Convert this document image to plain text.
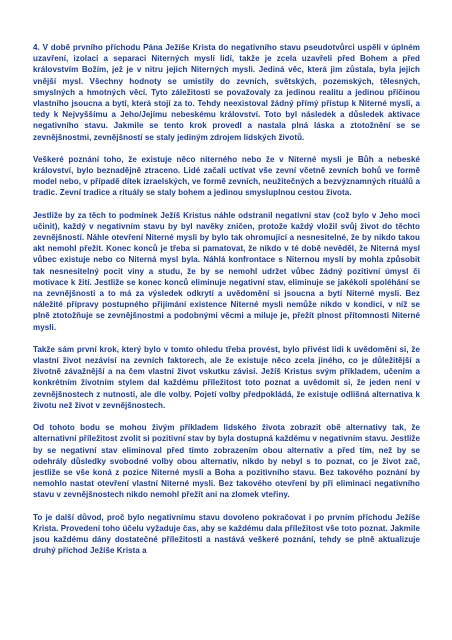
4. V době prvního příchodu Pána Ježíše Krista do negativního stavu pseudotvůrci uspěli v úplném uzavření, izolaci a separaci Niterných myslí lidí, takže je zcela uzavřeli před Bohem a před královstvím Božím, jež je v nitru jejich Niterných mysli. Jediná věc, která jim zůstala, byla jejich vnější mysl. Všechny hodnoty se umístily do zevních, světských, pozemských, tělesných, smyslných a hmotných věcí. Tyto záležitosti se považovaly za jedinou realitu a jedinou příčinou vlastního jsoucna a bytí, která stojí za to. Tehdy neexistoval žádný přímý přístup k Niterné mysli, a tedy k Nejvyššímu a Jeho/Jejímu nebeskému království. Toto byl následek a důsledek aktivace negativního stavu. Jakmile se tento krok provedl a nastala plná láska a ztotožnění se se zevnějšnostmi, zevnějšností se staly jediným zdrojem lidských životů.

Veškeré poznání toho, že existuje něco niterného nebo že v Niterné mysli je Bůh a nebeské království, bylo beznadějně ztraceno. Lidé začali uctívat vše zevní včetně zevních bohů ve formě model nebo, v případě dítek izraelských, ve formě zevních, neužitečných a bezvýznamných rituálů a tradic. Zevní tradice a rituály se staly bohem a jedinou smysluplnou cestou života.

Jestliže by za těch to podmínek Ježíš Kristus náhle odstranil negativní stav (což bylo v Jeho moci učinit), každý v negativním stavu by byl navěky zničen, protože každý vložil svůj život do těchto zevnějšností. Náhle otevření Niterné mysli by bylo tak ohromující a nesnesitelné, že by nikdo takou akt nemohl přežít. Konec konců je třeba si pamatovat, že nikdo v té době nevěděl, že Niterná mysl vůbec existuje nebo co Niterná mysl byla. Náhlá konfrontace s Niternou myslí by mohla způsobit tak nesnesitelný pocit viny a studu, že by se nemohl udržet vůbec žádný pozitivní úmysl či motivace k žití. Jestliže se konec konců eliminuje negativní stav, eliminuje se jakékoli spoléhání se na zevnějšnosti a to má za výsledek odkrytí a uvědomění si jsoucna a bytí Niterné mysli. Bez náležité přípravy postupného přijímání existence Niterné mysli nemůže nikdo v kondici, v níž se plně ztotožňuje se zevnějšnostmi a podobnými věcmi a miluje je, přežít plnost přítomnosti Niterné mysli.

Takže sám první krok, který bylo v tomto ohledu třeba provést, bylo přivést lidi k uvědomění si, že vlastní život nezávisí na zevních faktorech, ale že existuje něco zcela jiného, co je důležitější a životně závažnější a na čem vlastní život vskutku závisí. Ježíš Kristus svým příkladem, učením a konkrétním životním stylem dal každému příležitost toto poznat a uvědomit si, že jeden není v zevnějšnostech z nutnosti, ale dle volby. Pojetí volby předpokládá, že existuje odlišná alternativa k životu než život v zevnějšnostech.

Od tohoto bodu se mohou živým příkladem lidského života zobrazit obě alternativy tak, že alternativní příležitost zvolit si pozitivní stav by byla dostupná každému v negativním stavu. Jestliže by se negativní stav eliminoval před tímto zobrazením obou alternativ a před tím, než by se odehrály důsledky svobodné volby obou alternativ, nikdo by nebyl s to poznat, co je život zač, jestliže se vše koná z pozice Niterné mysli a Boha a pozitivního stavu. Bez takového poznání by nemohlo nastat otevření vlastní Niterné mysli. Bez takového otevření by při eliminaci negativního stavu v zevnějšnostech nikdo nemohl přežít ani na zlomek vteřiny.

To je další důvod, proč bylo negativnímu stavu dovoleno pokračovat i po prvním příchodu Ježíše Krista. Provedení toho účelu vyžaduje čas, aby se každému dala příležitost vše toto poznat. Jakmile jsou každému dány dostatečné příležitosti a nastává veškeré poznání, tehdy se plně aktualizuje druhý příchod Ježíše Krista a
